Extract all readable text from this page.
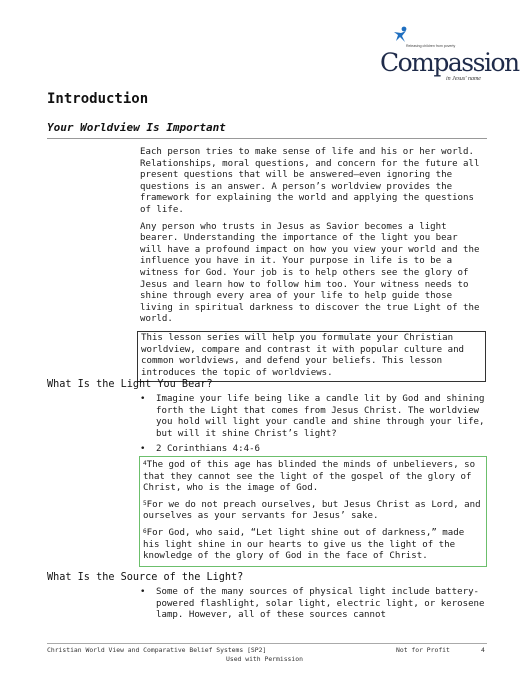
Releasing children from poverty
Compassion
in Jesus' name
Introduction
Your Worldview Is Important

Each person tries to make sense of life and his or her world. Relationships, moral questions, and concern for the future all present questions that will be answered—even ignoring the questions is an answer. A person’s worldview provides the framework for explaining the world and applying the questions of life.

Any person who trusts in Jesus as Savior becomes a light bearer. Understanding the importance of the light you bear will have a profound impact on how you view your world and the influence you have in it. Your purpose in life is to be a witness for God. Your job is to help others see the glory of Jesus and learn how to follow him too. Your witness needs to shine through every area of your life to help guide those living in spiritual darkness to discover the true Light of the world.

This lesson series will help you formulate your Christian worldview, compare and contrast it with popular culture and common worldviews, and defend your beliefs. This lesson introduces the topic of worldviews.
What Is the Light You Bear?
• Imagine your life being like a candle lit by God and shining forth the Light that comes from Jesus Christ. The worldview you hold will light your candle and shine through your life, but will it shine Christ’s light?
• 2 Corinthians 4:4-6

$^4$The god of this age has blinded the minds of unbelievers, so that they cannot see the light of the gospel of the glory of Christ, who is the image of God.

$^5$For we do not preach ourselves, but Jesus Christ as Lord, and ourselves as your servants for Jesus’ sake.

$^6$For God, who said, “Let light shine out of darkness,” made his light shine in our hearts to give us the light of the knowledge of the glory of God in the face of Christ.

What Is the Source of the Light?
• Some of the many sources of physical light include battery-powered flashlight, solar light, electric light, or kerosene lamp. However, all of these sources cannot
Christian World View and Comparative Belief Systems [SP2]	Not for Profit	4
Used with Permission
